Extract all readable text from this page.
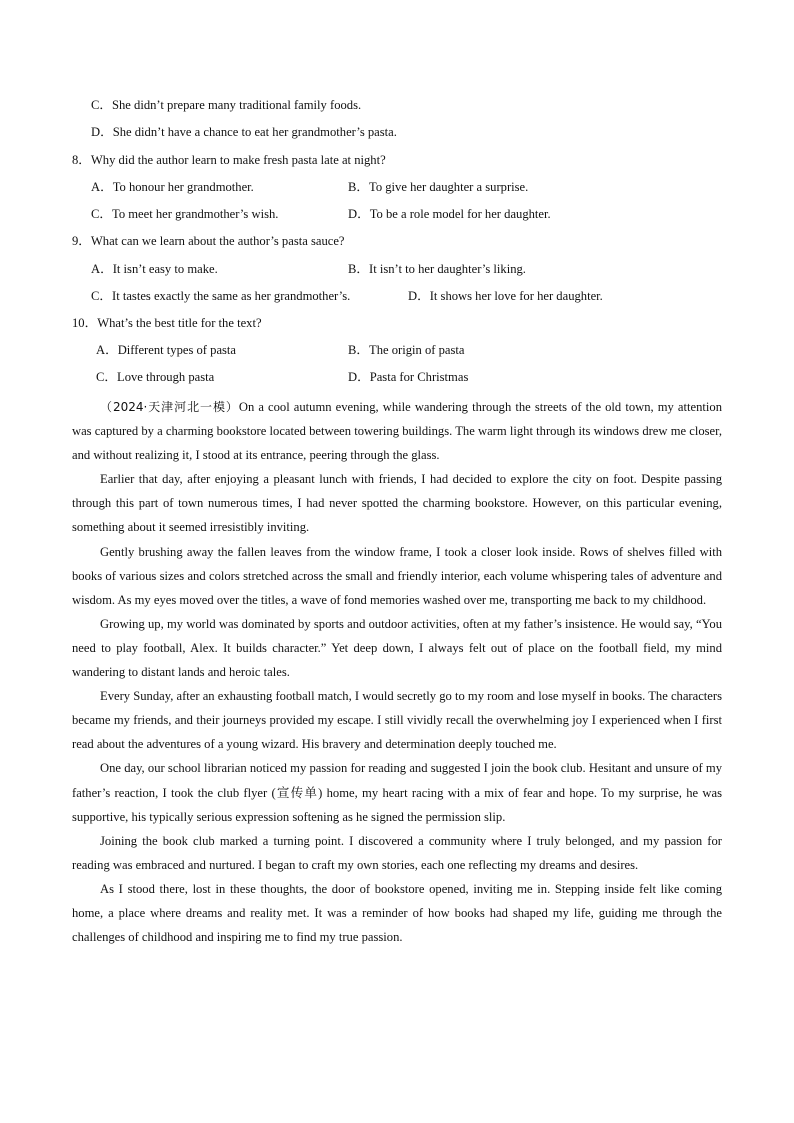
C．She didn’t prepare many traditional family foods.
D．She didn’t have a chance to eat her grandmother’s pasta.
8．Why did the author learn to make fresh pasta late at night?
A．To honour her grandmother.	B．To give her daughter a surprise.
C．To meet her grandmother’s wish.	D．To be a role model for her daughter.
9．What can we learn about the author’s pasta sauce?
A．It isn’t easy to make.	B．It isn’t to her daughter’s liking.
C．It tastes exactly the same as her grandmother’s.	D．It shows her love for her daughter.
10．What’s the best title for the text?
A．Different types of pasta	B．The origin of pasta
C．Love through pasta	D．Pasta for Christmas

（2024·天津河北一模）On a cool autumn evening, while wandering through the streets of the old town, my attention was captured by a charming bookstore located between towering buildings. The warm light through its windows drew me closer, and without realizing it, I stood at its entrance, peering through the glass.

Earlier that day, after enjoying a pleasant lunch with friends, I had decided to explore the city on foot. Despite passing through this part of town numerous times, I had never spotted the charming bookstore. However, on this particular evening, something about it seemed irresistibly inviting.

Gently brushing away the fallen leaves from the window frame, I took a closer look inside. Rows of shelves filled with books of various sizes and colors stretched across the small and friendly interior, each volume whispering tales of adventure and wisdom. As my eyes moved over the titles, a wave of fond memories washed over me, transporting me back to my childhood.

Growing up, my world was dominated by sports and outdoor activities, often at my father’s insistence. He would say, “You need to play football, Alex. It builds character.” Yet deep down, I always felt out of place on the football field, my mind wandering to distant lands and heroic tales.

Every Sunday, after an exhausting football match, I would secretly go to my room and lose myself in books. The characters became my friends, and their journeys provided my escape. I still vividly recall the overwhelming joy I experienced when I first read about the adventures of a young wizard. His bravery and determination deeply touched me.

One day, our school librarian noticed my passion for reading and suggested I join the book club. Hesitant and unsure of my father’s reaction, I took the club flyer (宣传单) home, my heart racing with a mix of fear and hope. To my surprise, he was supportive, his typically serious expression softening as he signed the permission slip.

Joining the book club marked a turning point. I discovered a community where I truly belonged, and my passion for reading was embraced and nurtured. I began to craft my own stories, each one reflecting my dreams and desires.

As I stood there, lost in these thoughts, the door of bookstore opened, inviting me in. Stepping inside felt like coming home, a place where dreams and reality met. It was a reminder of how books had shaped my life, guiding me through the challenges of childhood and inspiring me to find my true passion.
